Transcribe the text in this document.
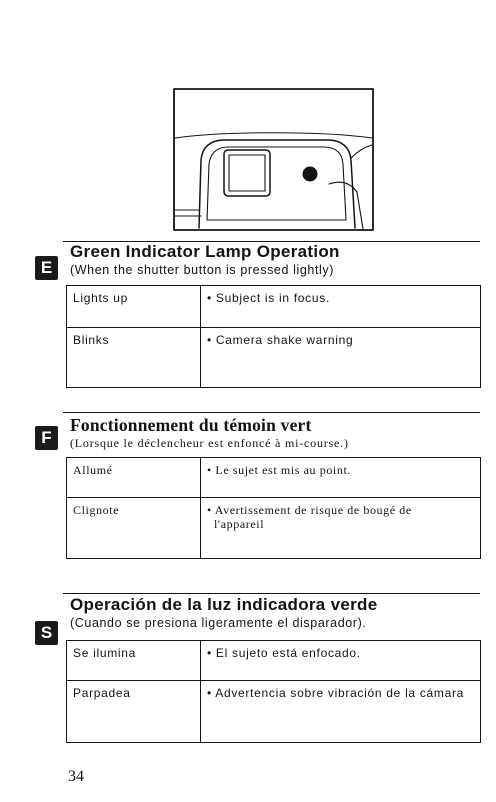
E
Green Indicator Lamp Operation
(When the shutter button is pressed lightly)
Lights up	• Subject is in focus.

Blinks	• Camera shake warning
F
Fonctionnement du témoin vert
(Lorsque le déclencheur est enfoncé à mi-course.)
Allumé	• Le sujet est mis au point.

Clignote	• Avertissement de risque de bougé de l'appareil
S
Operación de la luz indicadora verde
(Cuando se presiona ligeramente el disparador).
Se ilumina	• El sujeto está enfocado.

Parpadea	• Advertencia sobre vibración de la cámara
34
